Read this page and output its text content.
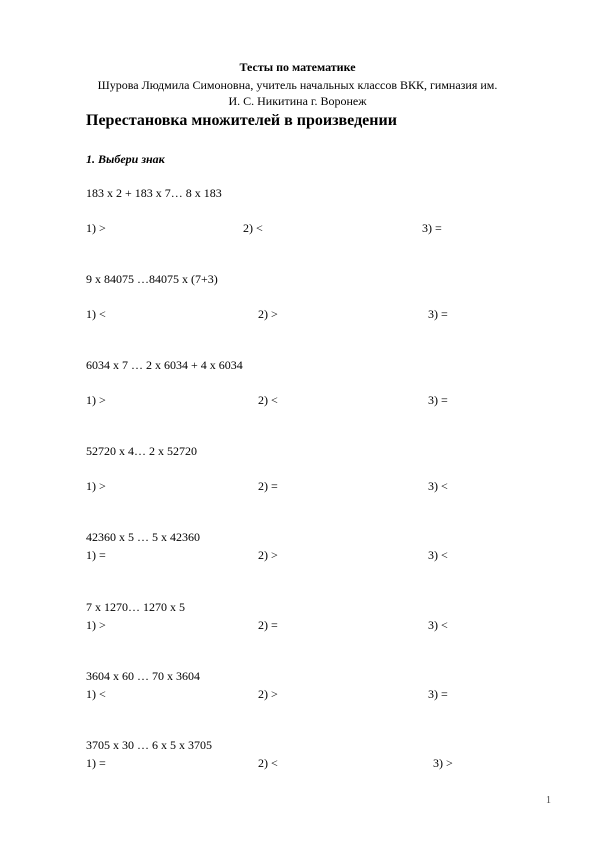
Тесты по математике
Шурова Людмила Симоновна, учитель начальных классов ВКК, гимназия им.
И. С. Никитина г. Воронеж
Перестановка множителей в произведении
1. Выбери знак
183 х 2 + 183 х 7… 8 х 183
1) >	2) <	3) =
9 х 84075 …84075 х (7+3)
1) <	2) >	3) =
6034 х 7 … 2 х 6034 + 4 х 6034
1) >	2) <	3) =
52720 х 4… 2 х 52720
1) >	2) =	3) <
42360 х 5 … 5 х 42360
1) =	2) >	3) <
7 х 1270… 1270 х 5
1) >	2) =	3) <
3604 х 60 … 70 х 3604
1) <	2) >	3) =
3705 х 30 … 6 х 5 х 3705
1) =	2) <	3) >
1
